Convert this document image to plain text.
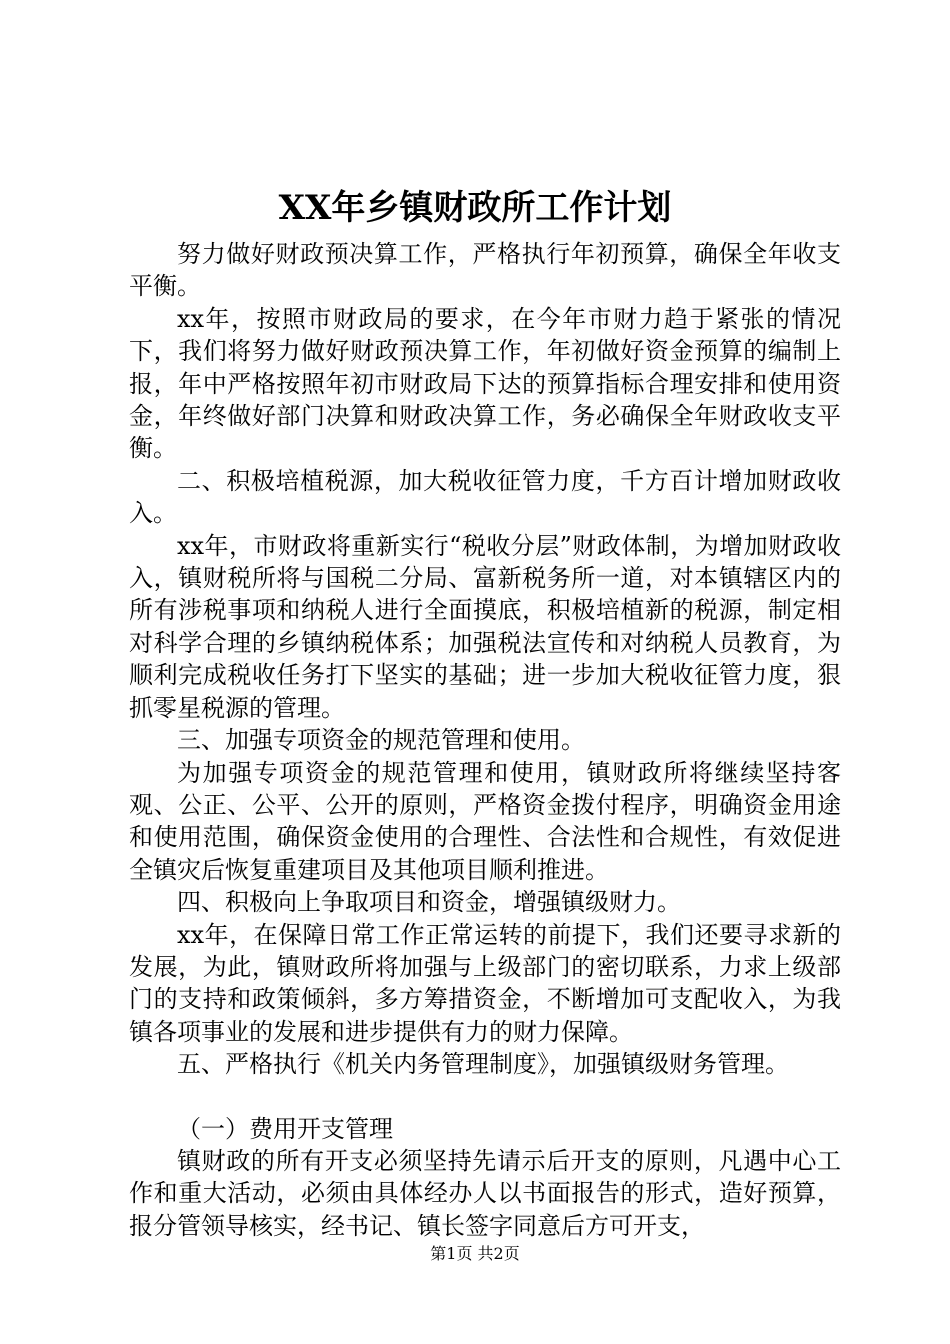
XX年乡镇财政所工作计划

努力做好财政预决算工作，严格执行年初预算，确保全年收支平衡。

xx年，按照市财政局的要求，在今年市财力趋于紧张的情况下，我们将努力做好财政预决算工作，年初做好资金预算的编制上报，年中严格按照年初市财政局下达的预算指标合理安排和使用资金，年终做好部门决算和财政决算工作，务必确保全年财政收支平衡。

二、积极培植税源，加大税收征管力度，千方百计增加财政收入。

xx年，市财政将重新实行“税收分层”财政体制，为增加财政收入，镇财税所将与国税二分局、富新税务所一道，对本镇辖区内的所有涉税事项和纳税人进行全面摸底，积极培植新的税源，制定相对科学合理的乡镇纳税体系；加强税法宣传和对纳税人员教育，为顺利完成税收任务打下坚实的基础；进一步加大税收征管力度，狠抓零星税源的管理。

三、加强专项资金的规范管理和使用。

为加强专项资金的规范管理和使用，镇财政所将继续坚持客观、公正、公平、公开的原则，严格资金拨付程序，明确资金用途和使用范围，确保资金使用的合理性、合法性和合规性，有效促进全镇灾后恢复重建项目及其他项目顺利推进。

四、积极向上争取项目和资金，增强镇级财力。

xx年，在保障日常工作正常运转的前提下，我们还要寻求新的发展，为此，镇财政所将加强与上级部门的密切联系，力求上级部门的支持和政策倾斜，多方筹措资金，不断增加可支配收入，为我镇各项事业的发展和进步提供有力的财力保障。

五、严格执行《机关内务管理制度》，加强镇级财务管理。

（一）费用开支管理

镇财政的所有开支必须坚持先请示后开支的原则，凡遇中心工作和重大活动，必须由具体经办人以书面报告的形式，造好预算，报分管领导核实，经书记、镇长签字同意后方可开支，

第1页 共2页
